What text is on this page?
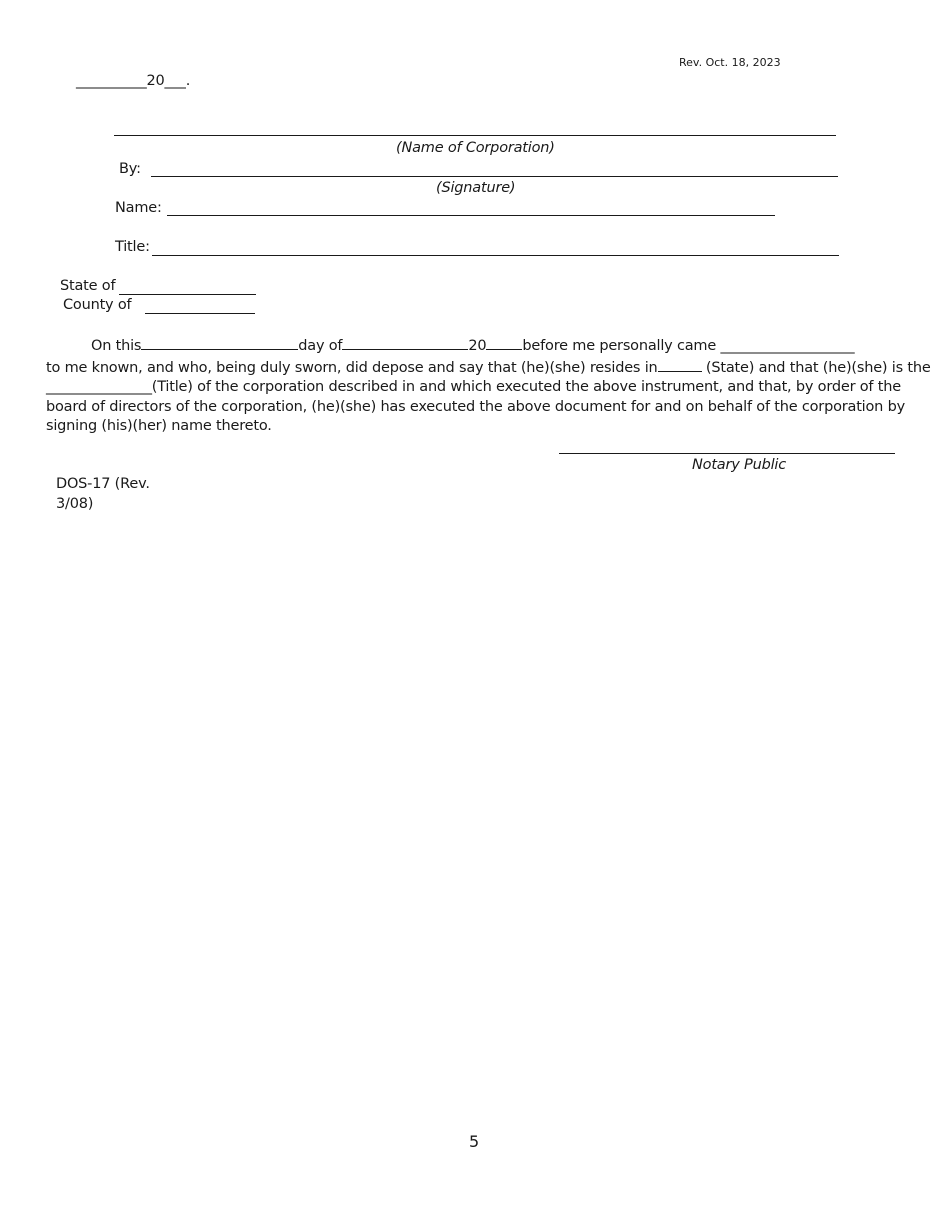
Rev. Oct. 18, 2023
__________20___.
(Name of Corporation)
By:
(Signature)
Name:
Title:
State of
County of
On this	day of	20 before me personally came ___________________
to me known, and who, being duly sworn, did depose and say that (he)(she) resides in	(State) and that (he)(she) is the
_______________(Title) of the corporation described in and which executed the above instrument, and that, by order of the
board of directors of the corporation, (he)(she) has executed the above document for and on behalf of the corporation by
signing (his)(her) name thereto.
Notary Public
DOS-17 (Rev.
3/08)
5
